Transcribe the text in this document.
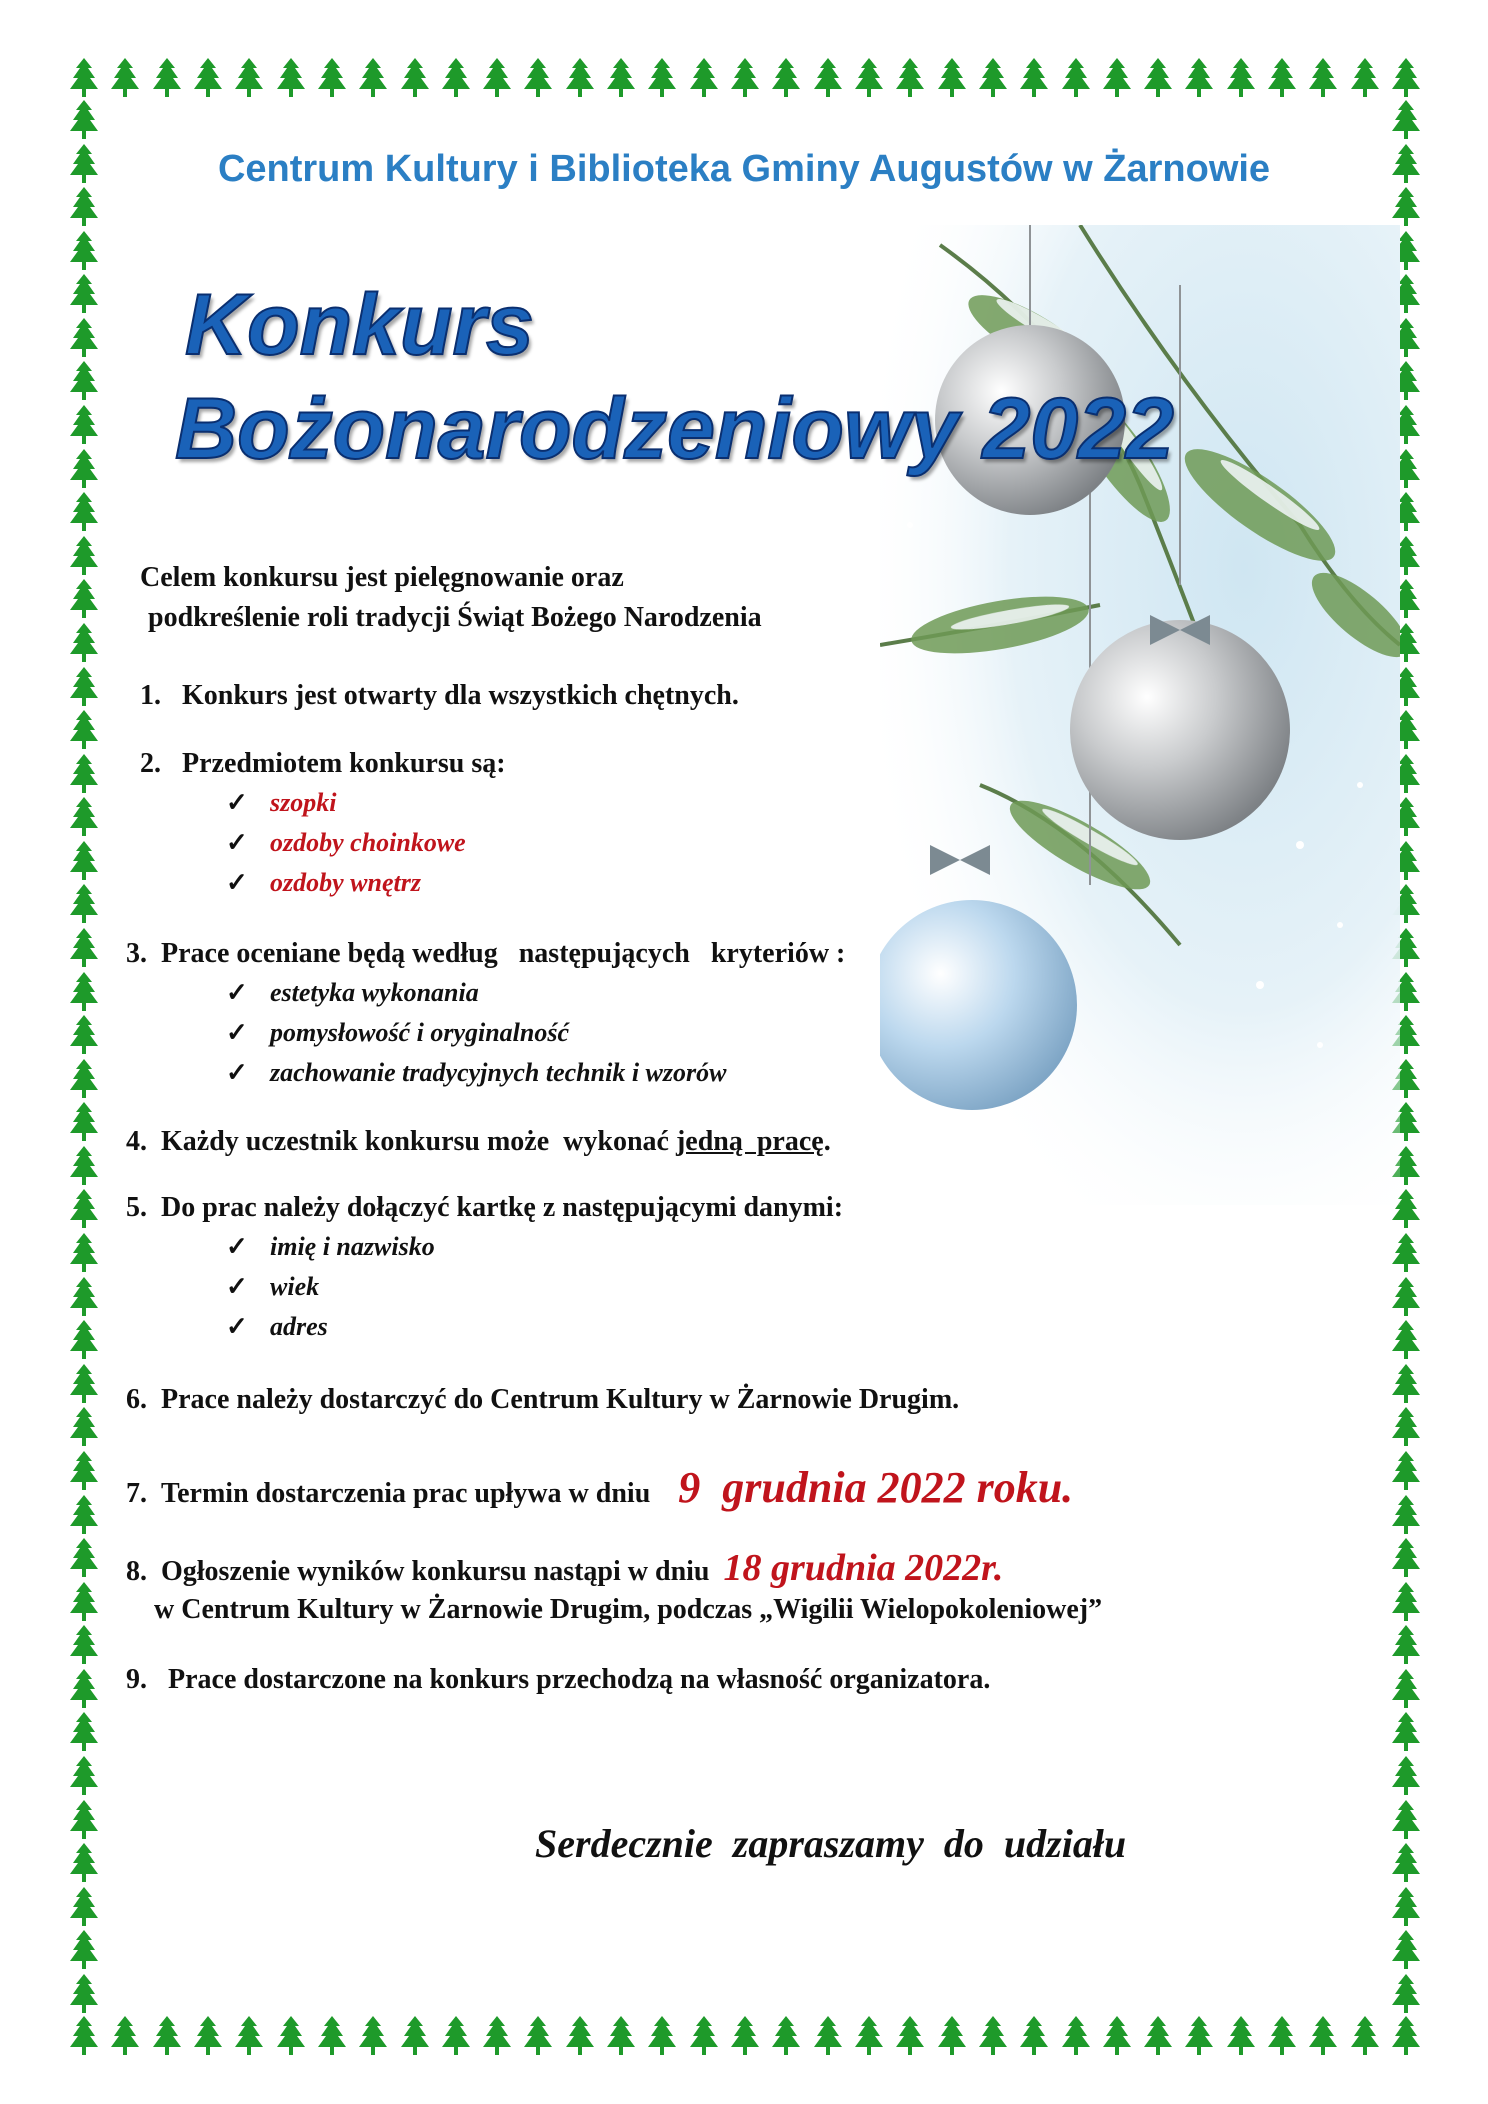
Centrum Kultury i Biblioteka Gminy Augustów w Żarnowie
Konkurs
Bożonarodzeniowy 2022
Celem konkursu jest pielęgnowanie oraz
podkreślenie roli tradycji Świąt Bożego Narodzenia
1. Konkurs jest otwarty dla wszystkich chętnych.
2. Przedmiotem konkursu są:
✓ szopki
✓ ozdoby choinkowe
✓ ozdoby wnętrz
3. Prace oceniane będą według   następujących   kryteriów :
✓ estetyka wykonania
✓ pomysłowość i oryginalność
✓ zachowanie tradycyjnych technik i wzorów
4. Każdy uczestnik konkursu może  wykonać jedną  pracę.
5. Do prac należy dołączyć kartkę z następującymi danymi:
✓ imię i nazwisko
✓ wiek
✓ adres
6. Prace należy dostarczyć do Centrum Kultury w Żarnowie Drugim.
7. Termin dostarczenia prac upływa w dniu 9  grudnia 2022 roku.
8. Ogłoszenie wyników konkursu nastąpi w dniu 18 grudnia 2022r.
w Centrum Kultury w Żarnowie Drugim, podczas „Wigilii Wielopokoleniowej”
9. Prace dostarczone na konkurs przechodzą na własność organizatora.
Serdecznie  zapraszamy  do  udziału
